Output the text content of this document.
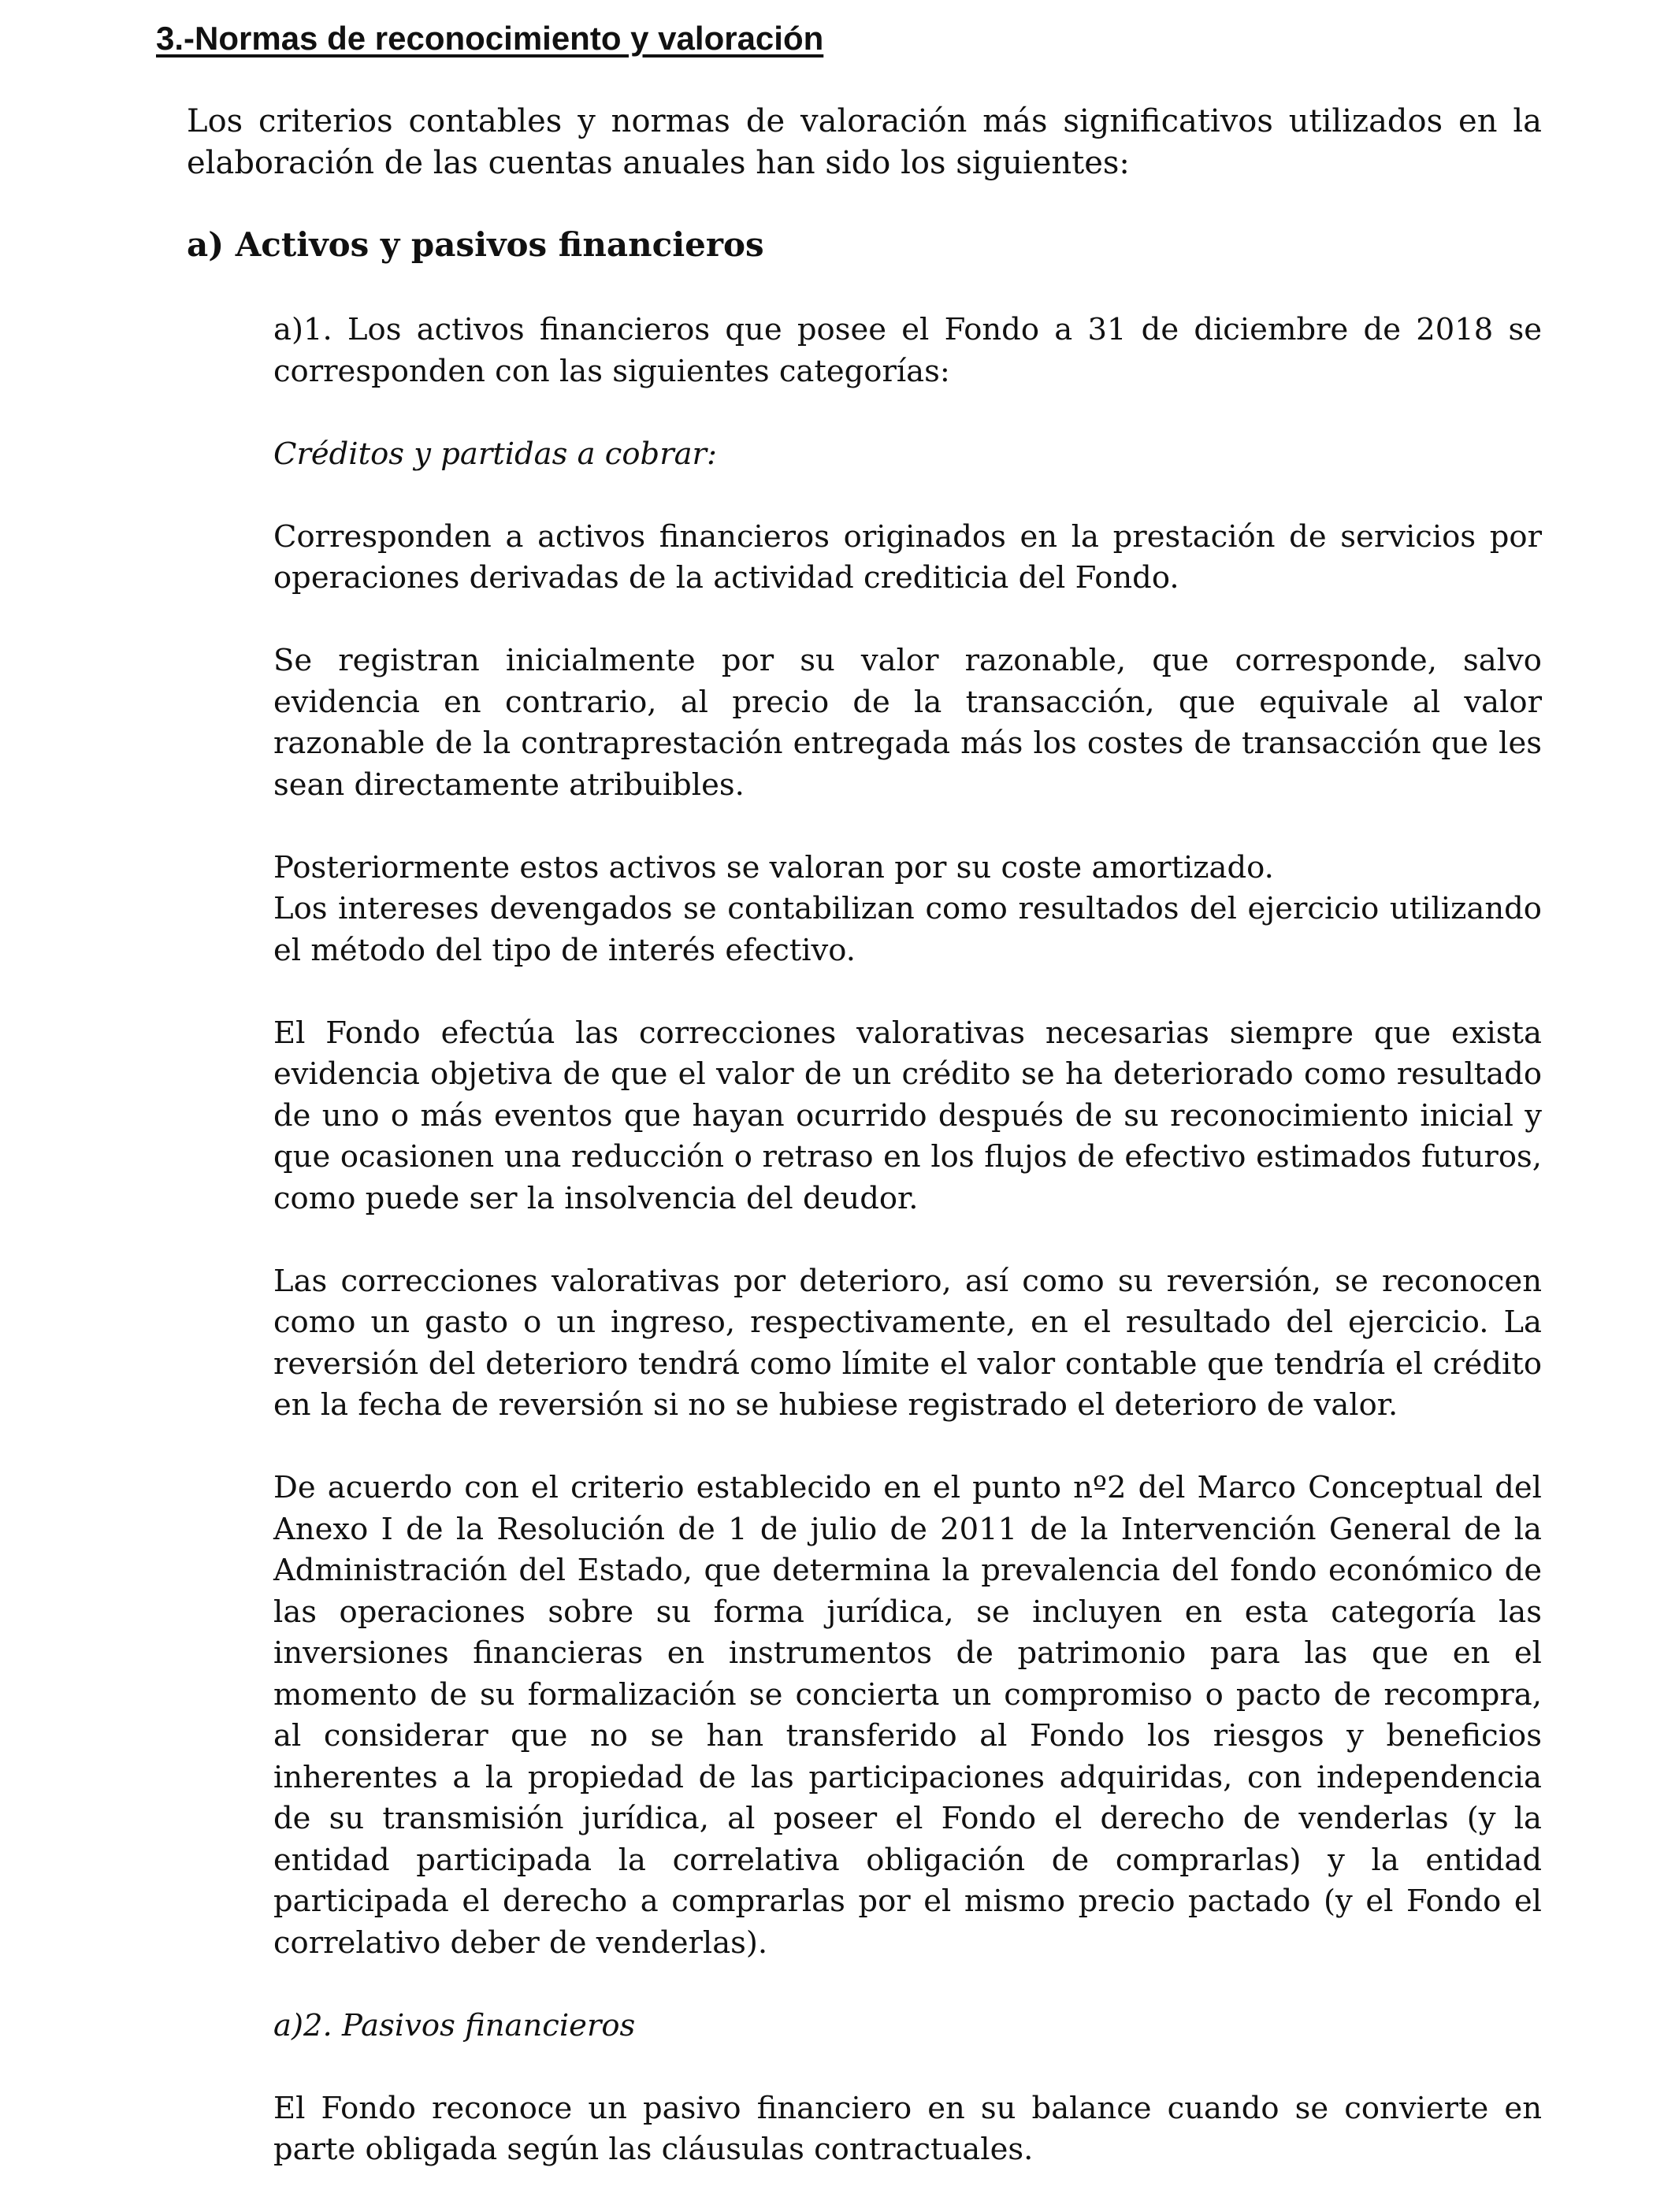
3.-Normas de reconocimiento y valoración
Los criterios contables y normas de valoración más significativos utilizados en la elaboración de las cuentas anuales han sido los siguientes:
a) Activos y pasivos financieros

a)1. Los activos financieros que posee el Fondo a 31 de diciembre de 2018 se corresponden con las siguientes categorías:

Créditos y partidas a cobrar:

Corresponden a activos financieros originados en la prestación de servicios por operaciones derivadas de la actividad crediticia del Fondo.

Se registran inicialmente por su valor razonable, que corresponde, salvo evidencia en contrario, al precio de la transacción, que equivale al valor razonable de la contraprestación entregada más los costes de transacción que les sean directamente atribuibles.

Posteriormente estos activos se valoran por su coste amortizado.

Los intereses devengados se contabilizan como resultados del ejercicio utilizando el método del tipo de interés efectivo.

El Fondo efectúa las correcciones valorativas necesarias siempre que exista evidencia objetiva de que el valor de un crédito se ha deteriorado como resultado de uno o más eventos que hayan ocurrido después de su reconocimiento inicial y que ocasionen una reducción o retraso en los flujos de efectivo estimados futuros, como puede ser la insolvencia del deudor.

Las correcciones valorativas por deterioro, así como su reversión, se reconocen como un gasto o un ingreso, respectivamente, en el resultado del ejercicio. La reversión del deterioro tendrá como límite el valor contable que tendría el crédito en la fecha de reversión si no se hubiese registrado el deterioro de valor.

De acuerdo con el criterio establecido en el punto nº2 del Marco Conceptual del Anexo I de la Resolución de 1 de julio de 2011 de la Intervención General de la Administración del Estado, que determina la prevalencia del fondo económico de las operaciones sobre su forma jurídica, se incluyen en esta categoría las inversiones financieras en instrumentos de patrimonio para las que en el momento de su formalización se concierta un compromiso o pacto de recompra, al considerar que no se han transferido al Fondo los riesgos y beneficios inherentes a la propiedad de las participaciones adquiridas, con independencia de su transmisión jurídica, al poseer el Fondo el derecho de venderlas (y la entidad participada la correlativa obligación de comprarlas) y la entidad participada el derecho a comprarlas por el mismo precio pactado (y el Fondo el correlativo deber de venderlas).

a)2. Pasivos financieros

El Fondo reconoce un pasivo financiero en su balance cuando se convierte en parte obligada según las cláusulas contractuales.
